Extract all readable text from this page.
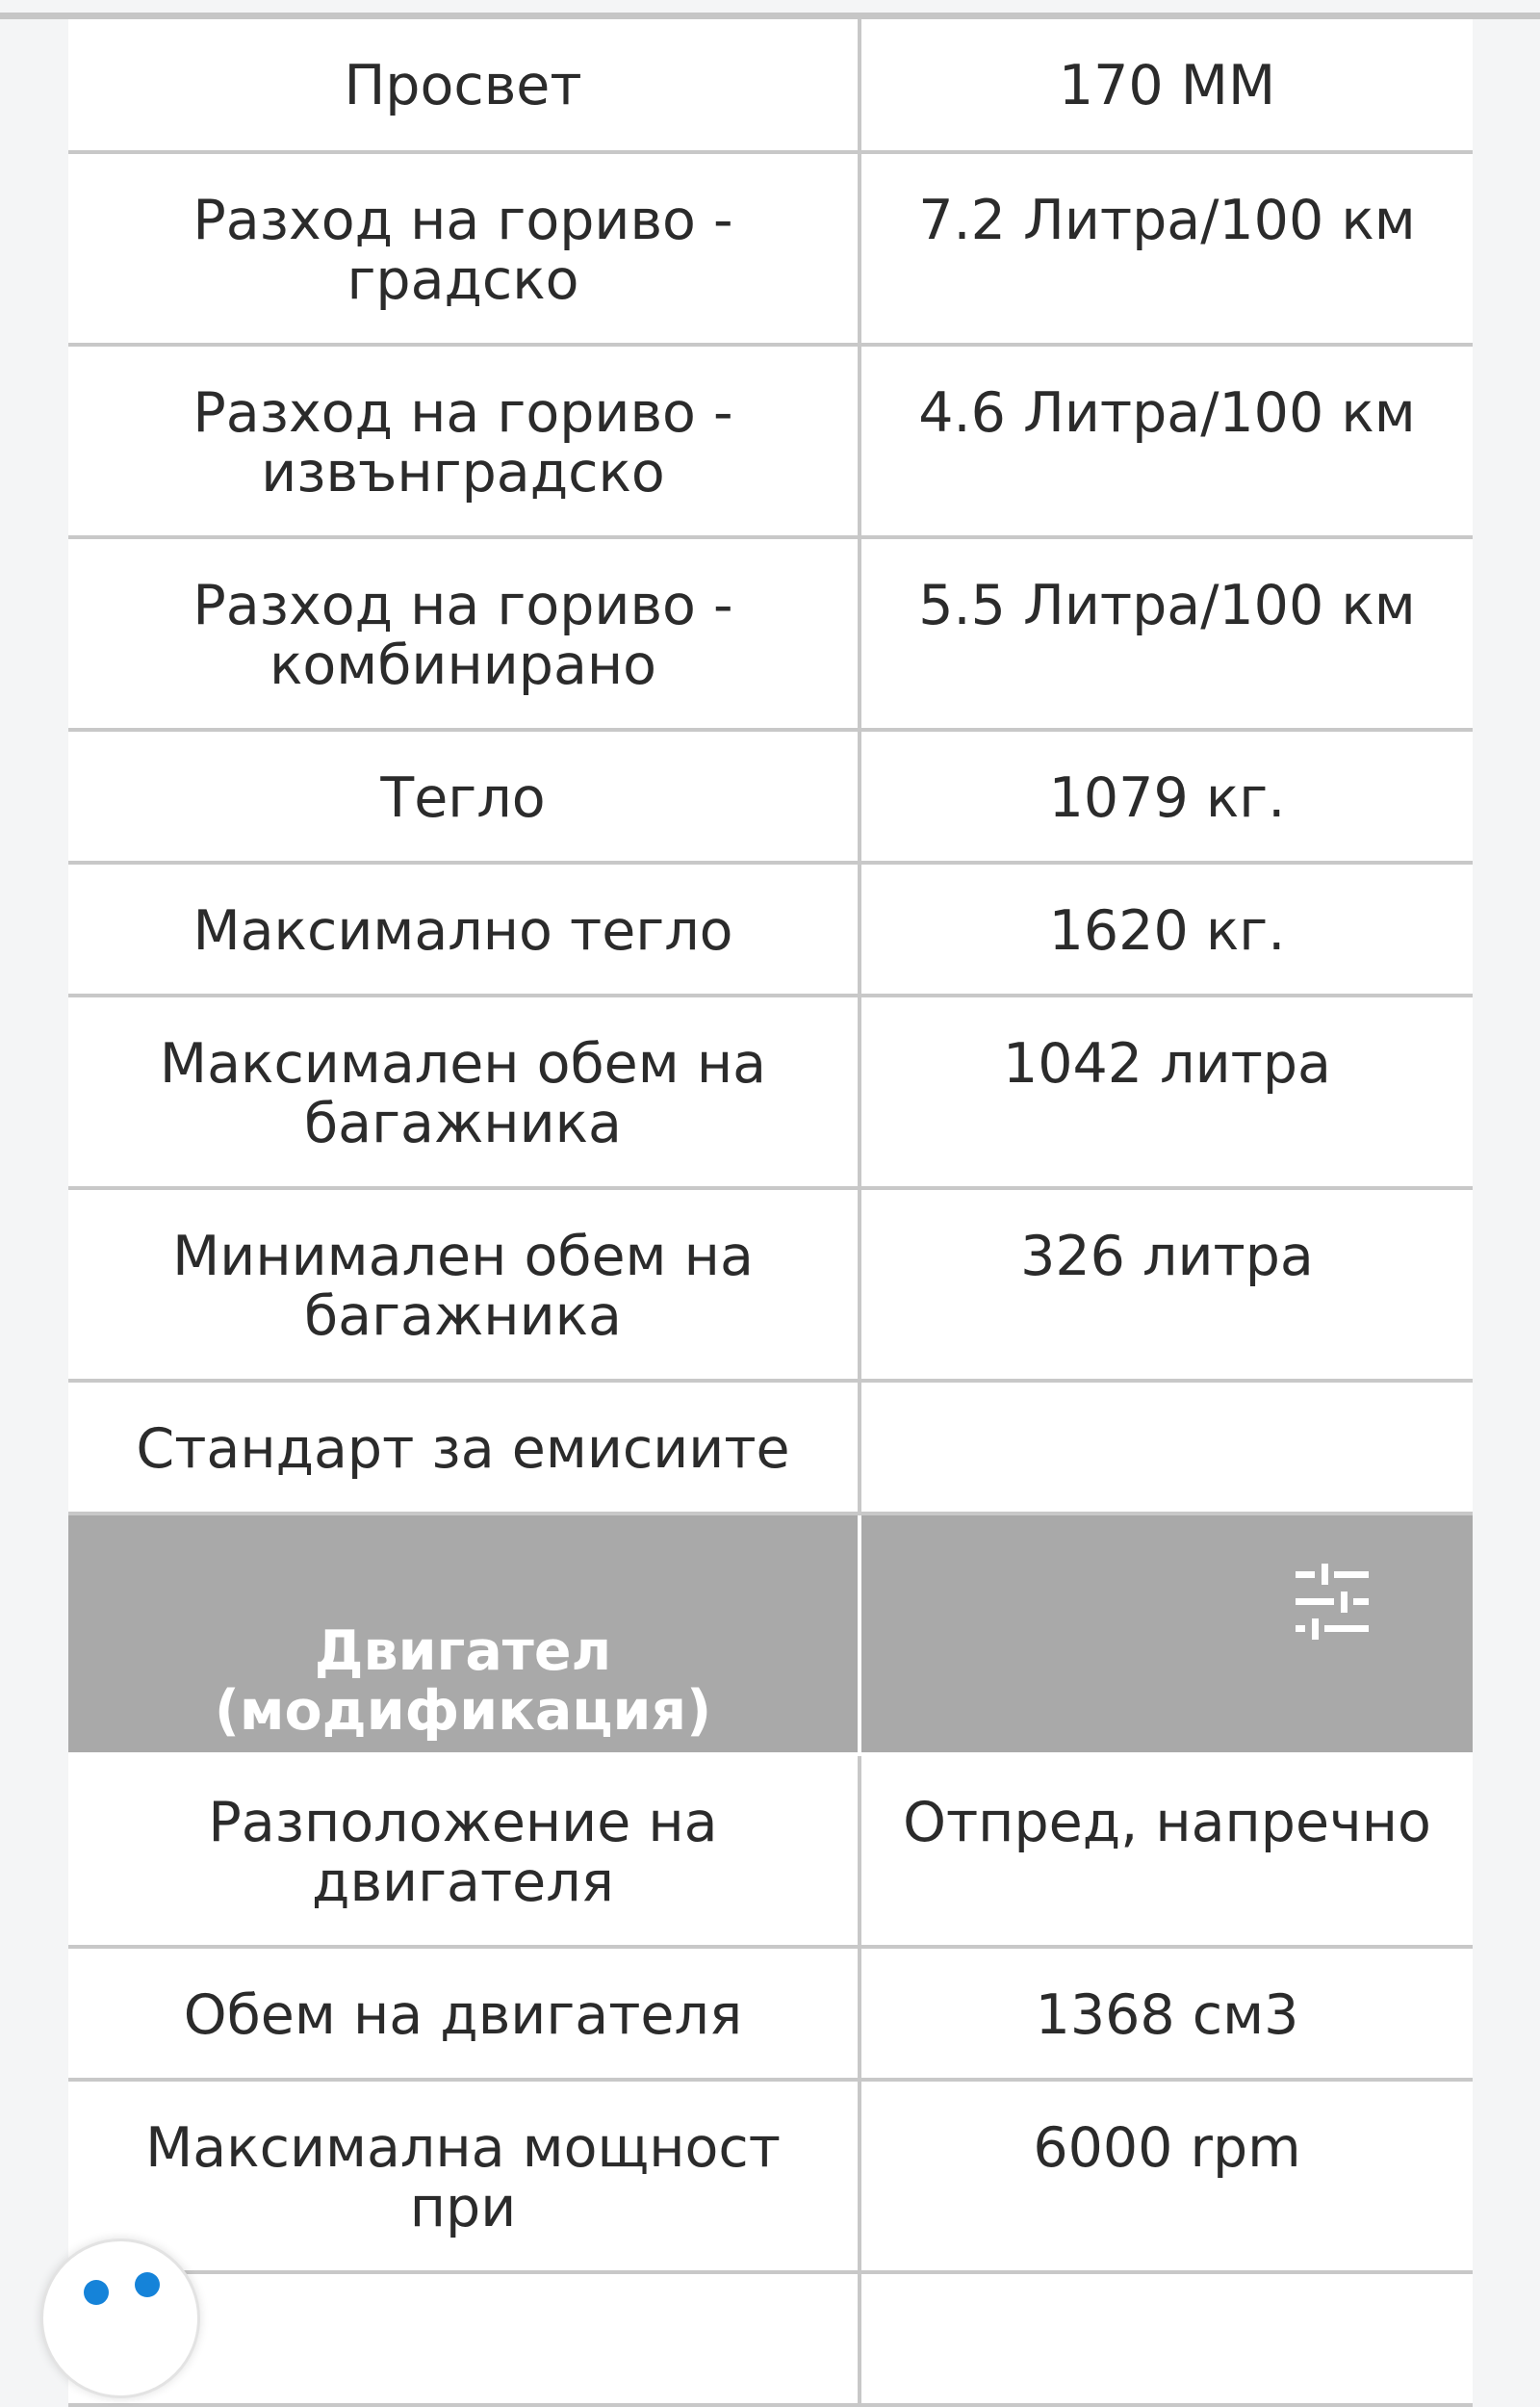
Просвет	170 ММ
Разход на гориво - градско	7.2 Литра/100 км
Разход на гориво - извънградско	4.6 Литра/100 км
Разход на гориво - комбинирано	5.5 Литра/100 км
Тегло	1079 кг.
Максимално тегло	1620 кг.
Максимален обем на багажника	1042 литра
Минимален обем на багажника	326 литра
Стандарт за емисиите	
Двигател (модификация)	
Разположение на двигателя	Отпред, напречно
Обем на двигателя	1368 см3
Максимална мощност при	6000 rpm
